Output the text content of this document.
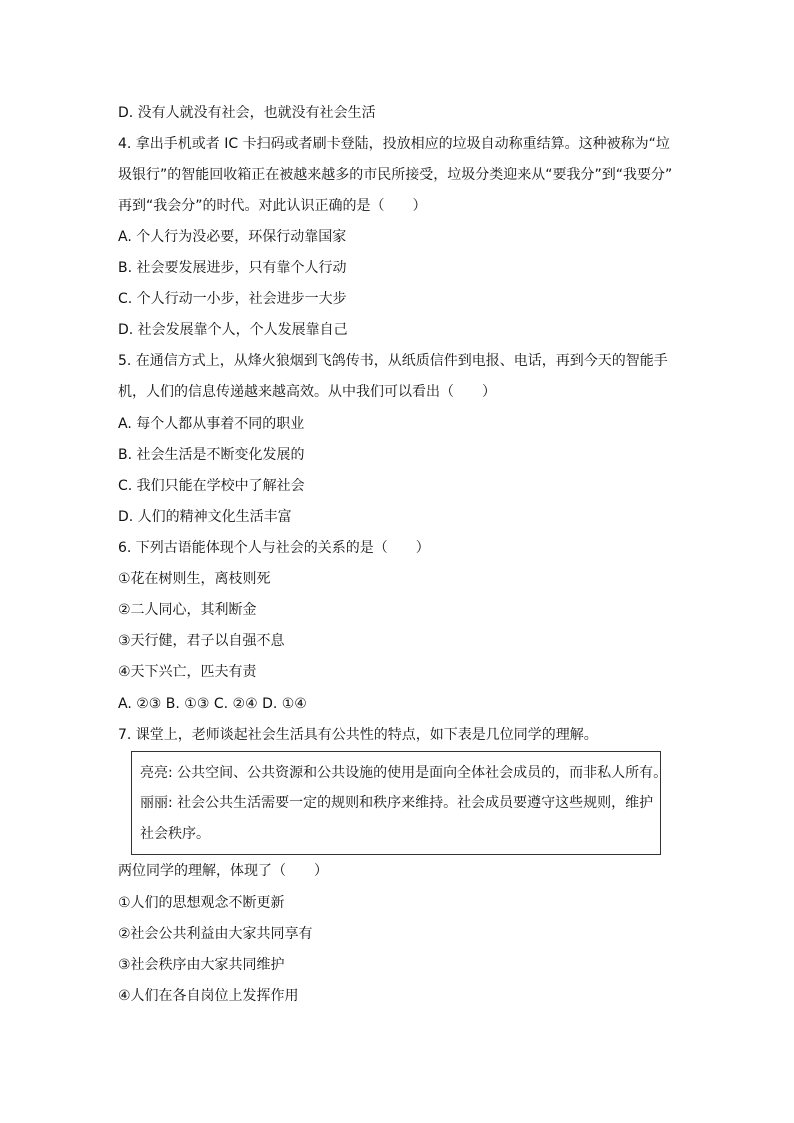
D. 没有人就没有社会，也就没有社会生活
4. 拿出手机或者 IC 卡扫码或者刷卡登陆，投放相应的垃圾自动称重结算。这种被称为“垃
圾银行”的智能回收箱正在被越来越多的市民所接受，垃圾分类迎来从“要我分”到“我要分”
再到“我会分”的时代。对此认识正确的是（　　）
A. 个人行为没必要，环保行动靠国家
B. 社会要发展进步，只有靠个人行动
C. 个人行动一小步，社会进步一大步
D. 社会发展靠个人，个人发展靠自己
5. 在通信方式上，从烽火狼烟到飞鸽传书，从纸质信件到电报、电话，再到今天的智能手
机，人们的信息传递越来越高效。从中我们可以看出（　　）
A. 每个人都从事着不同的职业
B. 社会生活是不断变化发展的
C. 我们只能在学校中了解社会
D. 人们的精神文化生活丰富
6. 下列古语能体现个人与社会的关系的是（　　）
①花在树则生，离枝则死
②二人同心，其利断金
③天行健，君子以自强不息
④天下兴亡，匹夫有责
A. ②③ B. ①③ C. ②④ D. ①④
7. 课堂上，老师谈起社会生活具有公共性的特点，如下表是几位同学的理解。
亮亮: 公共空间、公共资源和公共设施的使用是面向全体社会成员的，而非私人所有。
丽丽: 社会公共生活需要一定的规则和秩序来维持。社会成员要遵守这些规则，维护
社会秩序。
两位同学的理解，体现了（　　）
①人们的思想观念不断更新
②社会公共利益由大家共同享有
③社会秩序由大家共同维护
④人们在各自岗位上发挥作用
